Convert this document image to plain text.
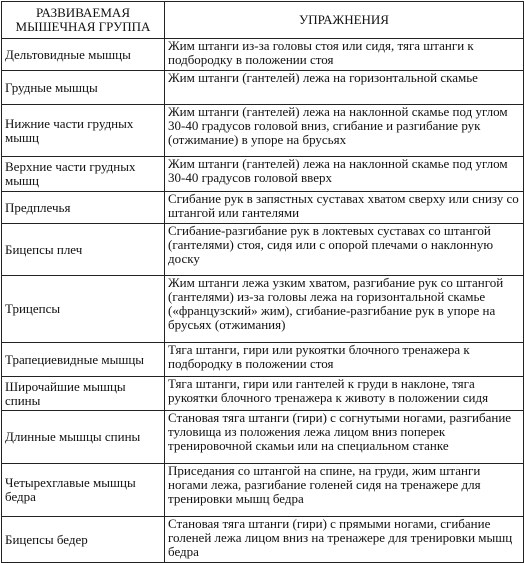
РАЗВИВАЕМАЯ МЫШЕЧНАЯ ГРУППА	УПРАЖНЕНИЯ
Дельтовидные мышцы	Жим штанги из-за головы стоя или сидя, тяга штанги к подбородку в положении стоя
Грудные мышцы	Жим штанги (гантелей) лежа на горизонтальной скамье
Нижние части грудных мышц	Жим штанги (гантелей) лежа на наклонной скамье под углом 30-40 градусов головой вниз, сгибание и разгибание рук (отжимание) в упоре на брусьях
Верхние части грудных мышц	Жим штанги (гантелей) лежа на наклонной скамье под углом 30-40 градусов головой вверх
Предплечья	Сгибание рук в запястных суставах хватом сверху или снизу со штангой или гантелями
Бицепсы плеч	Сгибание-разгибание рук в локтевых суставах со штангой (гантелями) стоя, сидя или с опорой плечами о наклонную доску
Трицепсы	Жим штанги лежа узким хватом, разгибание рук со штангой (гантелями) из-за головы лежа на горизонтальной скамье («французский» жим), сгибание-разгибание рук в упоре на брусьях (отжимания)
Трапециевидные мышцы	Тяга штанги, гири или рукоятки блочного тренажера к подбородку в положении стоя
Широчайшие мышцы спины	Тяга штанги, гири или гантелей к груди в наклоне, тяга рукоятки блочного тренажера к животу в положении сидя
Длинные мышцы спины	Становая тяга штанги (гири) с согнутыми ногами, разгибание туловища из положения лежа лицом вниз поперек тренировочной скамьи или на специальном станке
Четырехглавые мышцы бедра	Приседания со штангой на спине, на груди, жим штанги ногами лежа, разгибание голеней сидя на тренажере для тренировки мышц бедра
Бицепсы бедер	Становая тяга штанги (гири) с прямыми ногами, сгибание голеней лежа лицом вниз на тренажере для тренировки мышц бедра
